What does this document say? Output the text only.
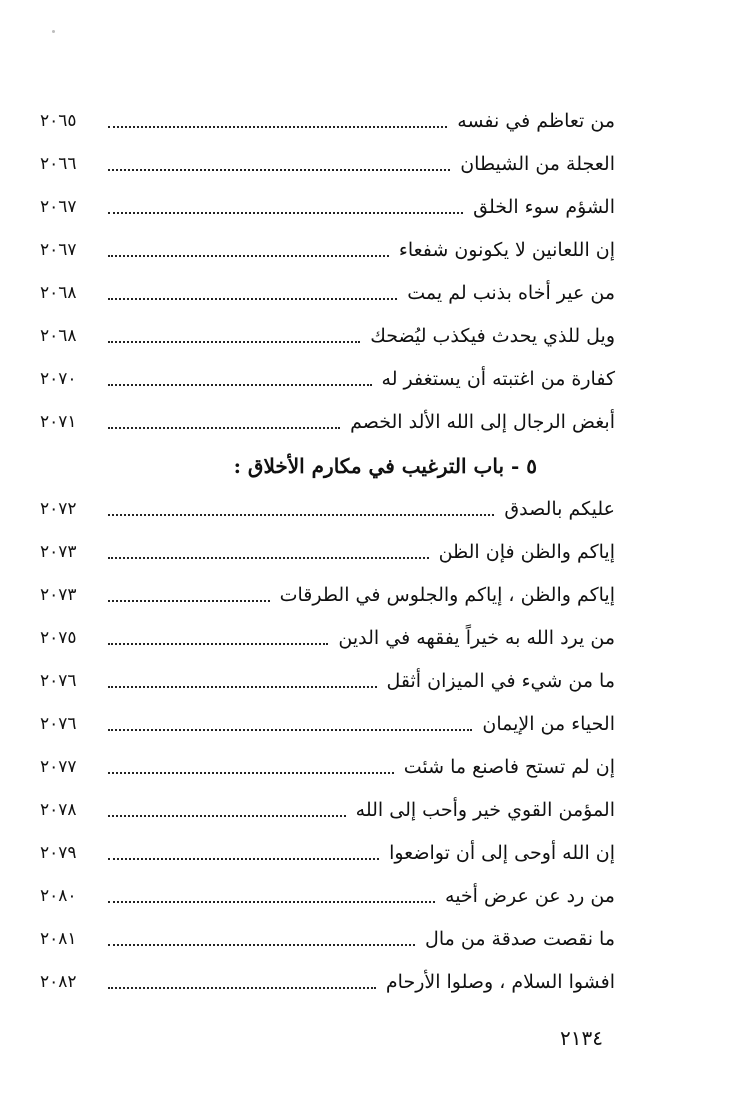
من تعاظم في نفسه
٢٠٦٥
العجلة من الشيطان
٢٠٦٦
الشؤم سوء الخلق
٢٠٦٧
إن اللعانين لا يكونون شفعاء
٢٠٦٧
من عير أخاه بذنب لم يمت
٢٠٦٨
ويل للذي يحدث فيكذب ليُضحك
٢٠٦٨
كفارة من اغتبته أن يستغفر له
٢٠٧٠
أبغض الرجال إلى الله الألد الخصم
٢٠٧١
٥ - باب الترغيب في مكارم الأخلاق :
عليكم بالصدق
٢٠٧٢
إياكم والظن فإن الظن
٢٠٧٣
إياكم والظن ، إياكم والجلوس في الطرقات
٢٠٧٣
من يرد الله به خيراً يفقهه في الدين
٢٠٧٥
ما من شيء في الميزان أثقل
٢٠٧٦
الحياء من الإيمان
٢٠٧٦
إن لم تستح فاصنع ما شئت
٢٠٧٧
المؤمن القوي خير وأحب إلى الله
٢٠٧٨
إن الله أوحى إلى أن تواضعوا
٢٠٧٩
من رد عن عرض أخيه
٢٠٨٠
ما نقصت صدقة من مال
٢٠٨١
افشوا السلام ، وصلوا الأرحام
٢٠٨٢
٢١٣٤
